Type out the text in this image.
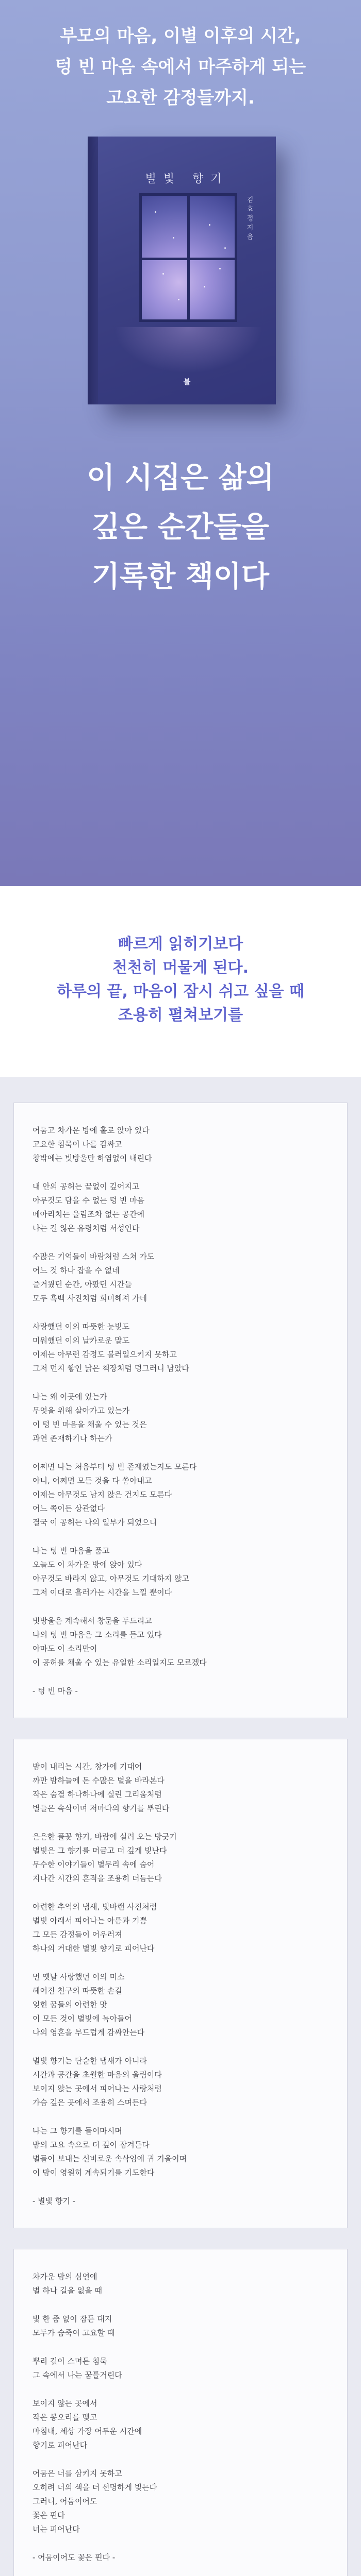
부모의 마음, 이별 이후의 시간,
텅 빈 마음 속에서 마주하게 되는
고요한 감정들까지.
별빛 향기
김효정 지음
불
이 시집은 삶의
깊은 순간들을
기록한 책이다

빠르게 읽히기보다

천천히 머물게 된다.

하루의 끝, 마음이 잠시 쉬고 싶을 때

조용히 펼쳐보기를

어둠고 차가운 방에 홀로 앉아 있다
고요한 침묵이 나를 감싸고
창밖에는 빗방울만 하염없이 내린다
내 안의 공허는 끝없이 깊어지고
아무것도 담을 수 없는 텅 빈 마음
메아리치는 울림조차 없는 공간에
나는 길 잃은 유령처럼 서성인다
수많은 기억들이 바람처럼 스쳐 가도
어느 것 하나 잡을 수 없네
즐거웠던 순간, 아팠던 시간들
모두 흑백 사진처럼 희미해져 가네
사랑했던 이의 따뜻한 눈빛도
미워했던 이의 날카로운 말도
이제는 아무런 감정도 불러일으키지 못하고
그저 먼지 쌓인 낡은 책장처럼 덩그러니 남았다
나는 왜 이곳에 있는가
무엇을 위해 살아가고 있는가
이 텅 빈 마음을 채울 수 있는 것은
과연 존재하기나 하는가
어쩌면 나는 처음부터 텅 빈 존재였는지도 모른다
아니, 어쩌면 모든 것을 다 쏟아내고
이제는 아무것도 남지 않은 건지도 모른다
어느 쪽이든 상관없다
결국 이 공허는 나의 일부가 되었으니
나는 텅 빈 마음을 품고
오늘도 이 차가운 방에 앉아 있다
아무것도 바라지 않고, 아무것도 기대하지 않고
그저 이대로 흘러가는 시간을 느낄 뿐이다
빗방울은 계속해서 창문을 두드리고
나의 텅 빈 마음은 그 소리를 듣고 있다
아마도 이 소리만이
이 공허를 채울 수 있는 유일한 소리일지도 모르겠다
- 텅 빈 마음 -
밤이 내리는 시간, 창가에 기대어
까만 밤하늘에 돈 수많은 별을 바라본다
작은 숨결 하나하나에 실린 그리움처럼
별들은 속삭이며 저마다의 향기를 뿌린다
은은한 풀꽃 향기, 바람에 실려 오는 방긋기
별빛은 그 향기를 머금고 더 깊게 빛난다
무수한 이야기들이 별무리 속에 숨어
지나간 시간의 흔적을 조용히 더듬는다
아련한 추억의 냄새, 빛바랜 사진처럼
별빛 아래서 피어나는 아름과 기쁨
그 모든 감정들이 어우러져
하나의 거대한 별빛 향기로 피어난다
먼 옛날 사랑했던 이의 미소
헤어진 친구의 따뜻한 손길
잊힌 꿈들의 아련한 맛
이 모든 것이 별빛에 녹아들어
나의 영혼을 부드럽게 감싸안는다
별빛 향기는 단순한 냄새가 아니라
시간과 공간을 초월한 마음의 울림이다
보이지 않는 곳에서 피어나는 사랑처럼
가슴 깊은 곳에서 조용히 스며든다
나는 그 향기를 들이마시며
밤의 고요 속으로 더 깊이 잠겨든다
별들이 보내는 신비로운 속삭임에 귀 기울이며
이 밤이 영원히 계속되기를 기도한다
- 별빛 향기 -
차가운 밤의 심연에
별 하나 길을 잃을 때
빛 한 줌 없이 잠든 대지
모두가 숨죽여 고요할 때
뿌리 깊이 스며든 침묵
그 속에서 나는 꿈틀거린다
보이지 않는 곳에서
작은 봉오리를 맺고
마침내, 세상 가장 어두운 시간에
향기로 피어난다
어둠은 너를 삼키지 못하고
오히려 너의 색을 더 선명하게 빚는다
그러니, 어둠이어도
꽃은 핀다
너는 피어난다
- 어둠이어도 꽃은 핀다 -
